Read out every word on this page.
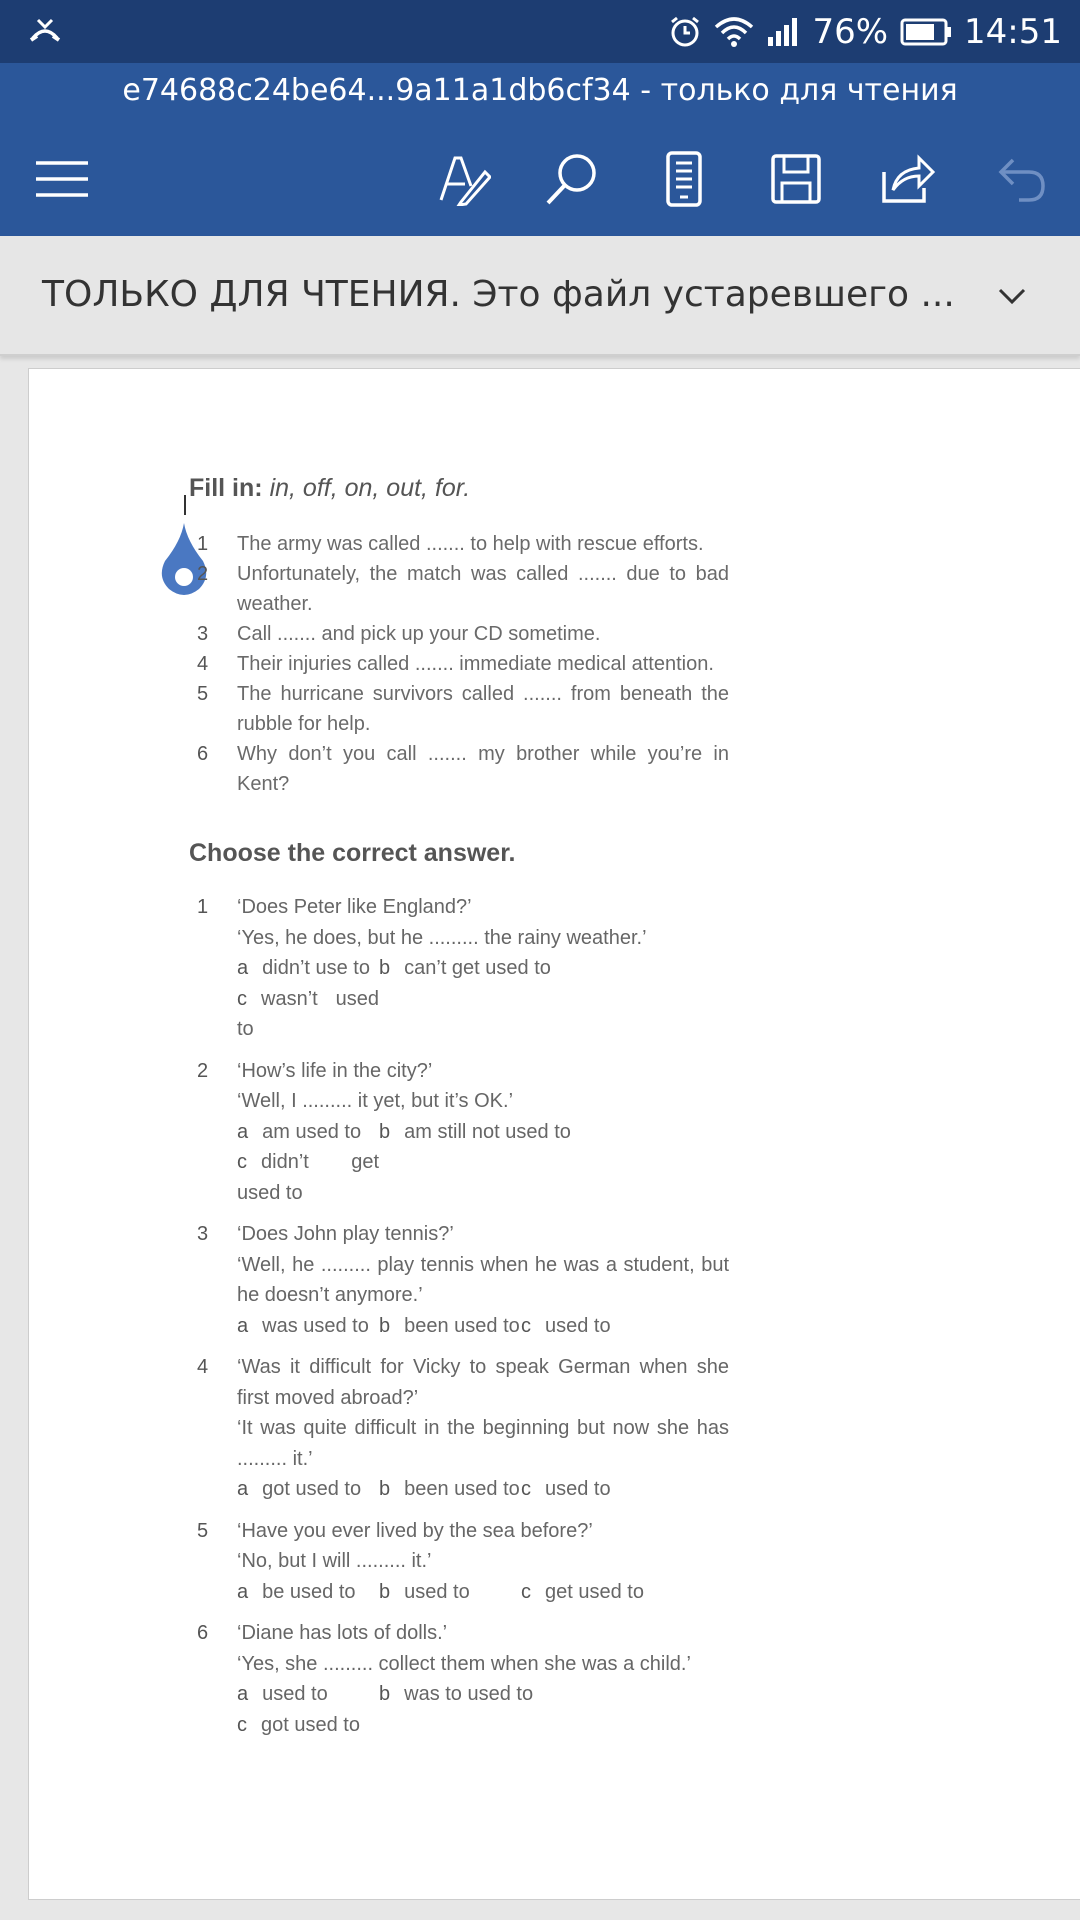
76% 14:51
e74688c24be64...9a11a1db6cf34 - только для чтения
ТОЛЬКО ДЛЯ ЧТЕНИЯ. Это файл устаревшего ...
Fill in: in, off, on, out, for.
1 The army was called ....... to help with rescue efforts.
2 Unfortunately, the match was called ....... due to bad weather.
3 Call ....... and pick up your CD sometime.
4 Their injuries called ....... immediate medical attention.
5 The hurricane survivors called ....... from beneath the rubble for help.
6 Why don’t you call ....... my brother while you’re in Kent?
Choose the correct answer.
1 ‘Does Peter like England?’
‘Yes, he does, but he ......... the rainy weather.’
a didn’t use to b can’t get used to
c wasn’t used to
2 ‘How’s life in the city?’
‘Well, I ......... it yet, but it’s OK.’
a am used to b am still not used to
c didn’t get used to
3 ‘Does John play tennis?’
‘Well, he ......... play tennis when he was a student, but he doesn’t anymore.’
a was used to b been used to c used to
4 ‘Was it difficult for Vicky to speak German when she first moved abroad?’
‘It was quite difficult in the beginning but now she has ......... it.’
a got used to b been used to c used to
5 ‘Have you ever lived by the sea before?’
‘No, but I will ......... it.’
a be used to	b used to	c get used to
6 ‘Diane has lots of dolls.’
‘Yes, she ......... collect them when she was a child.’
a used to	b was to used to
c got used to
